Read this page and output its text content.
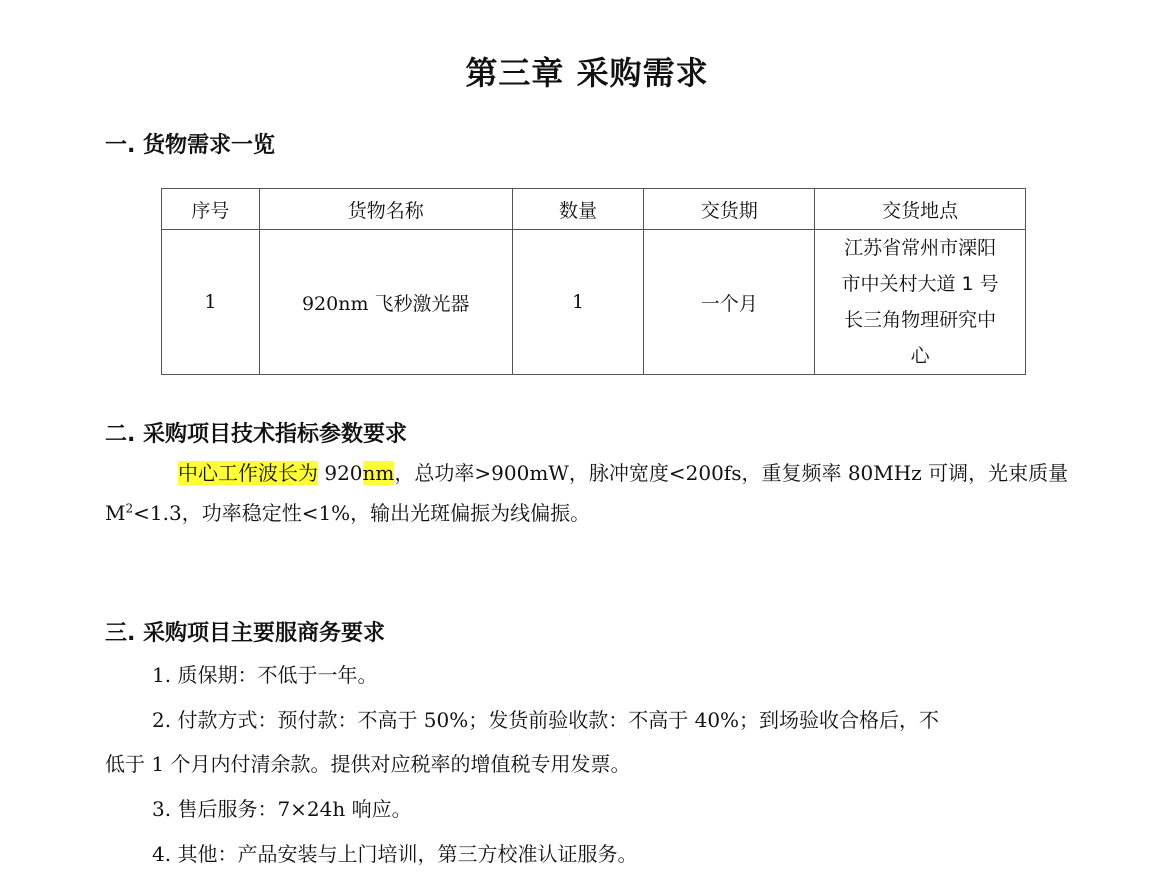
第三章 采购需求
一. 货物需求一览
序号	货物名称	数量	交货期	交货地点
1	920nm 飞秒激光器	1	一个月	江苏省常州市溧阳
市中关村大道 1 号
长三角物理研究中
心
二. 采购项目技术指标参数要求
中心工作波长为 920nm，总功率>900mW，脉冲宽度<200fs，重复频率 80MHz 可调，光束质量
$M^2<1.3$，功率稳定性<1%，输出光斑偏振为线偏振。
三. 采购项目主要服商务要求
1. 质保期：不低于一年。
2. 付款方式：预付款：不高于 50%；发货前验收款：不高于 40%；到场验收合格后，不
低于 1 个月内付清余款。提供对应税率的增值税专用发票。
3. 售后服务：7×24h 响应。
4. 其他：产品安装与上门培训，第三方校准认证服务。
